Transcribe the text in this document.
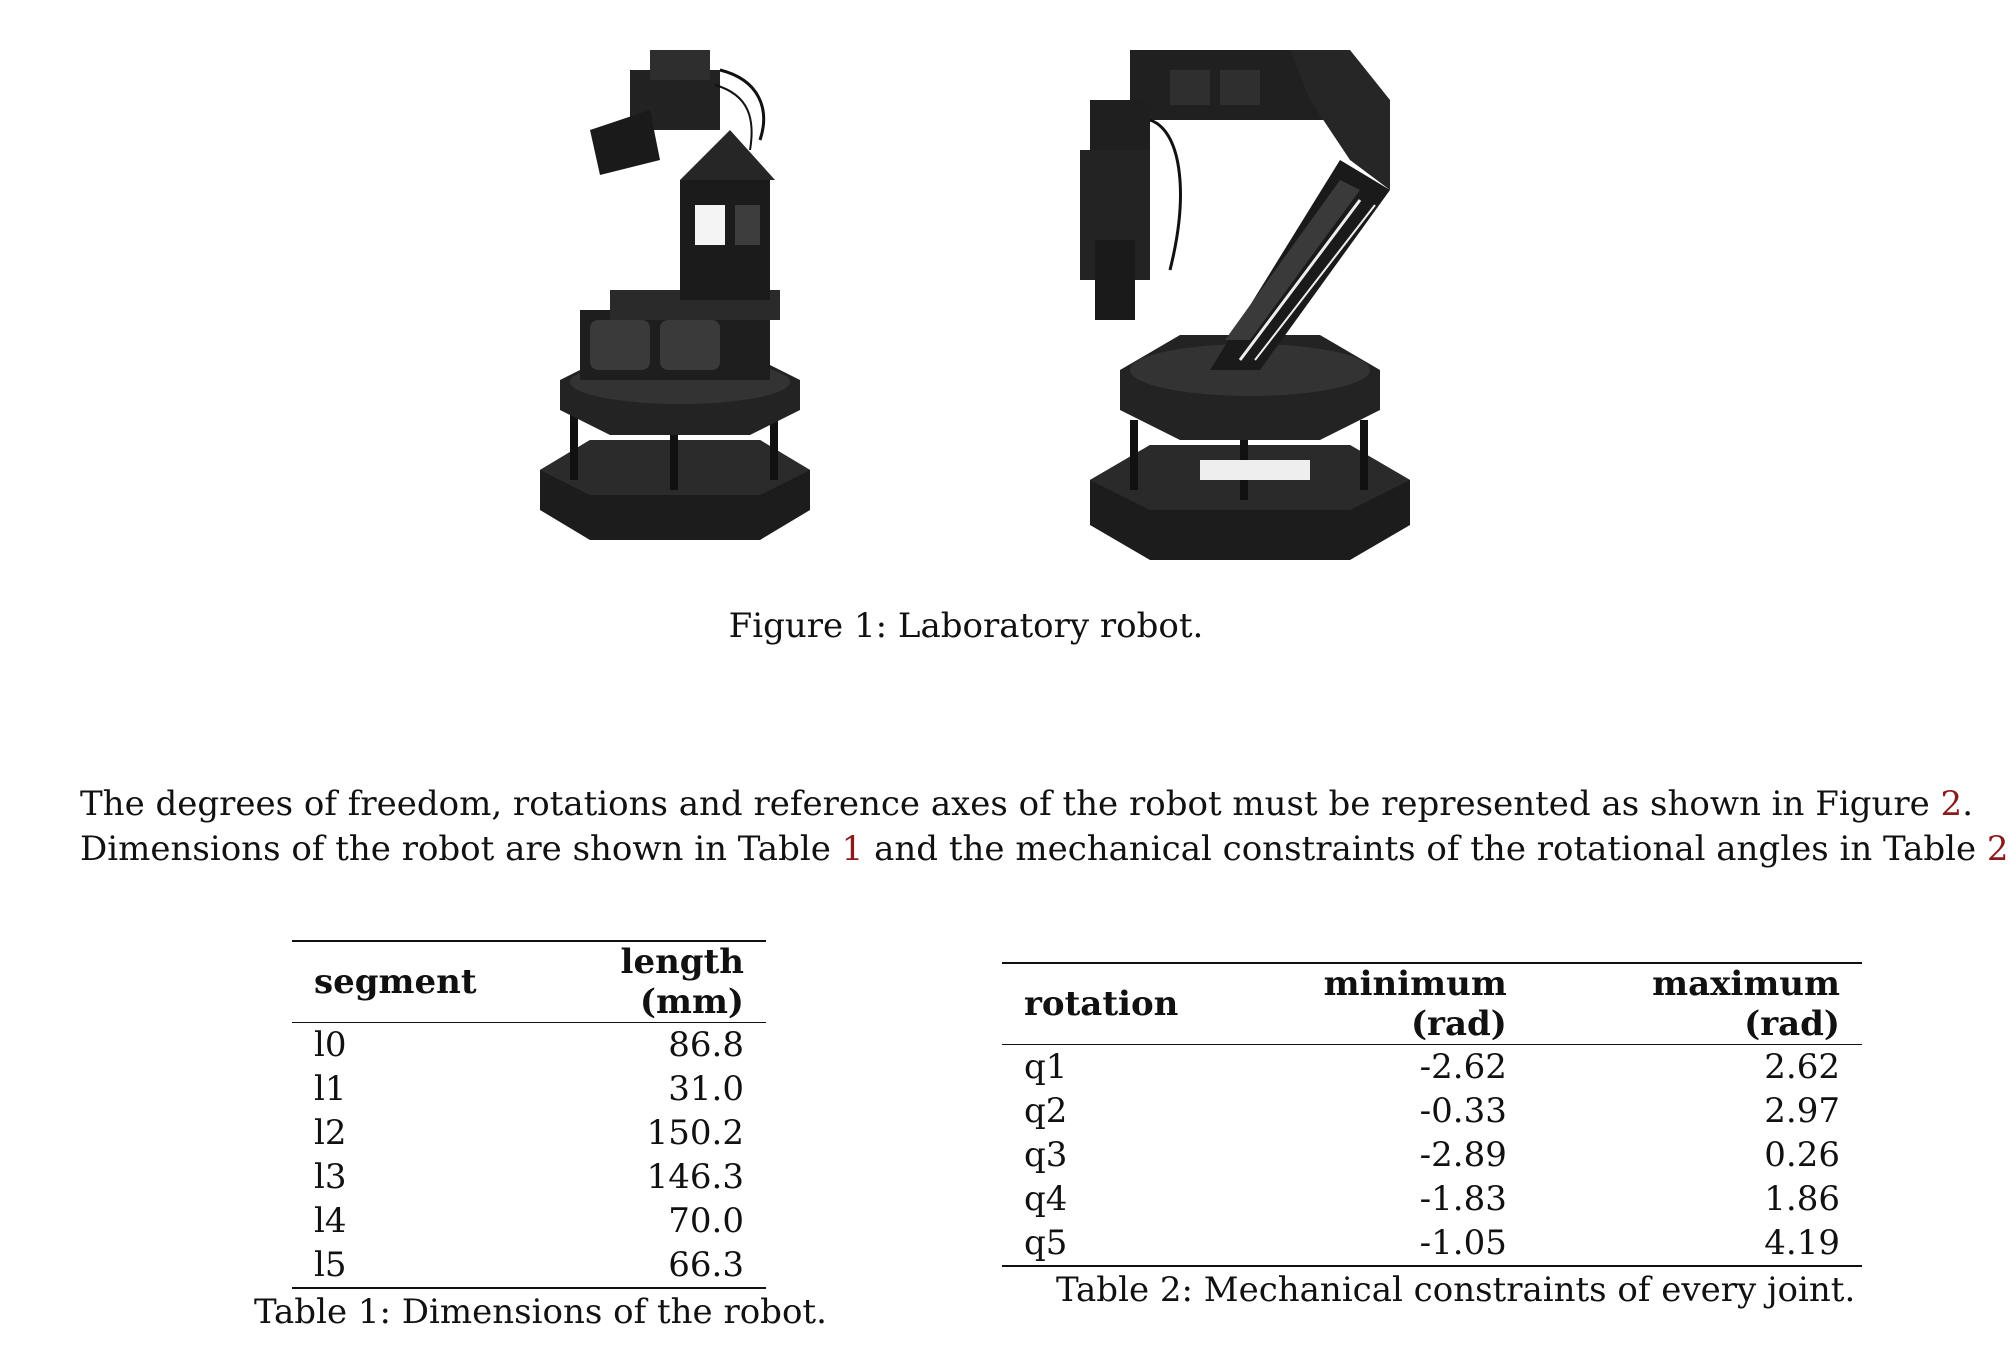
Figure 1: Laboratory robot.
The degrees of freedom, rotations and reference axes of the robot must be represented as shown in Figure 2.
Dimensions of the robot are shown in Table 1 and the mechanical constraints of the rotational angles in Table 2
segment	length (mm)
l0	86.8
l1	31.0
l2	150.2
l3	146.3
l4	70.0
l5	66.3
Table 1: Dimensions of the robot.
rotation	minimum (rad)	maximum (rad)
q1	-2.62	2.62
q2	-0.33	2.97
q3	-2.89	0.26
q4	-1.83	1.86
q5	-1.05	4.19
Table 2: Mechanical constraints of every joint.
